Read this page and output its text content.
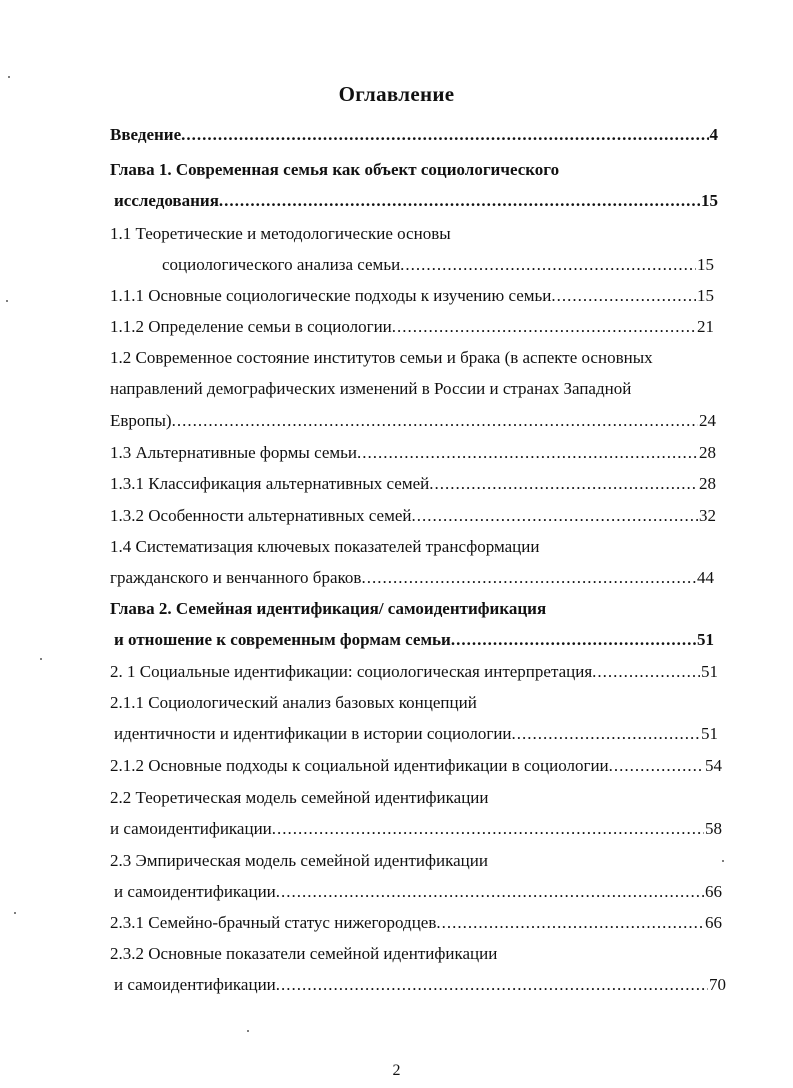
Оглавление
Введение .....	4
Глава 1. Современная семья как объект социологического
исследования .....	15
1.1 Теоретические и методологические основы
социологического анализа семьи .....	15
1.1.1 Основные социологические подходы к изучению семьи .....	15
1.1.2 Определение семьи в социологии .....	21
1.2 Современное состояние институтов семьи и брака (в аспекте основных
направлений демографических изменений в России и странах Западной
Европы) .....	24
1.3 Альтернативные формы семьи .....	28
1.3.1 Классификация альтернативных семей .....	28
1.3.2 Особенности альтернативных семей .....	32
1.4 Систематизация ключевых показателей трансформации
гражданского и венчанного браков .....	44
Глава 2. Семейная идентификация/ самоидентификация
и отношение к современным формам семьи .....	51
2. 1 Социальные идентификации: социологическая интерпретация .....	51
2.1.1 Социологический анализ базовых концепций
идентичности и идентификации в истории социологии .....	51
2.1.2 Основные подходы к социальной идентификации в социологии .....	54
2.2 Теоретическая модель семейной идентификации
и самоидентификации .....	58
2.3 Эмпирическая модель семейной идентификации
и самоидентификации .....	66
2.3.1 Семейно-брачный статус нижегородцев .....	66
2.3.2 Основные показатели семейной идентификации
и самоидентификации .....	70
2
